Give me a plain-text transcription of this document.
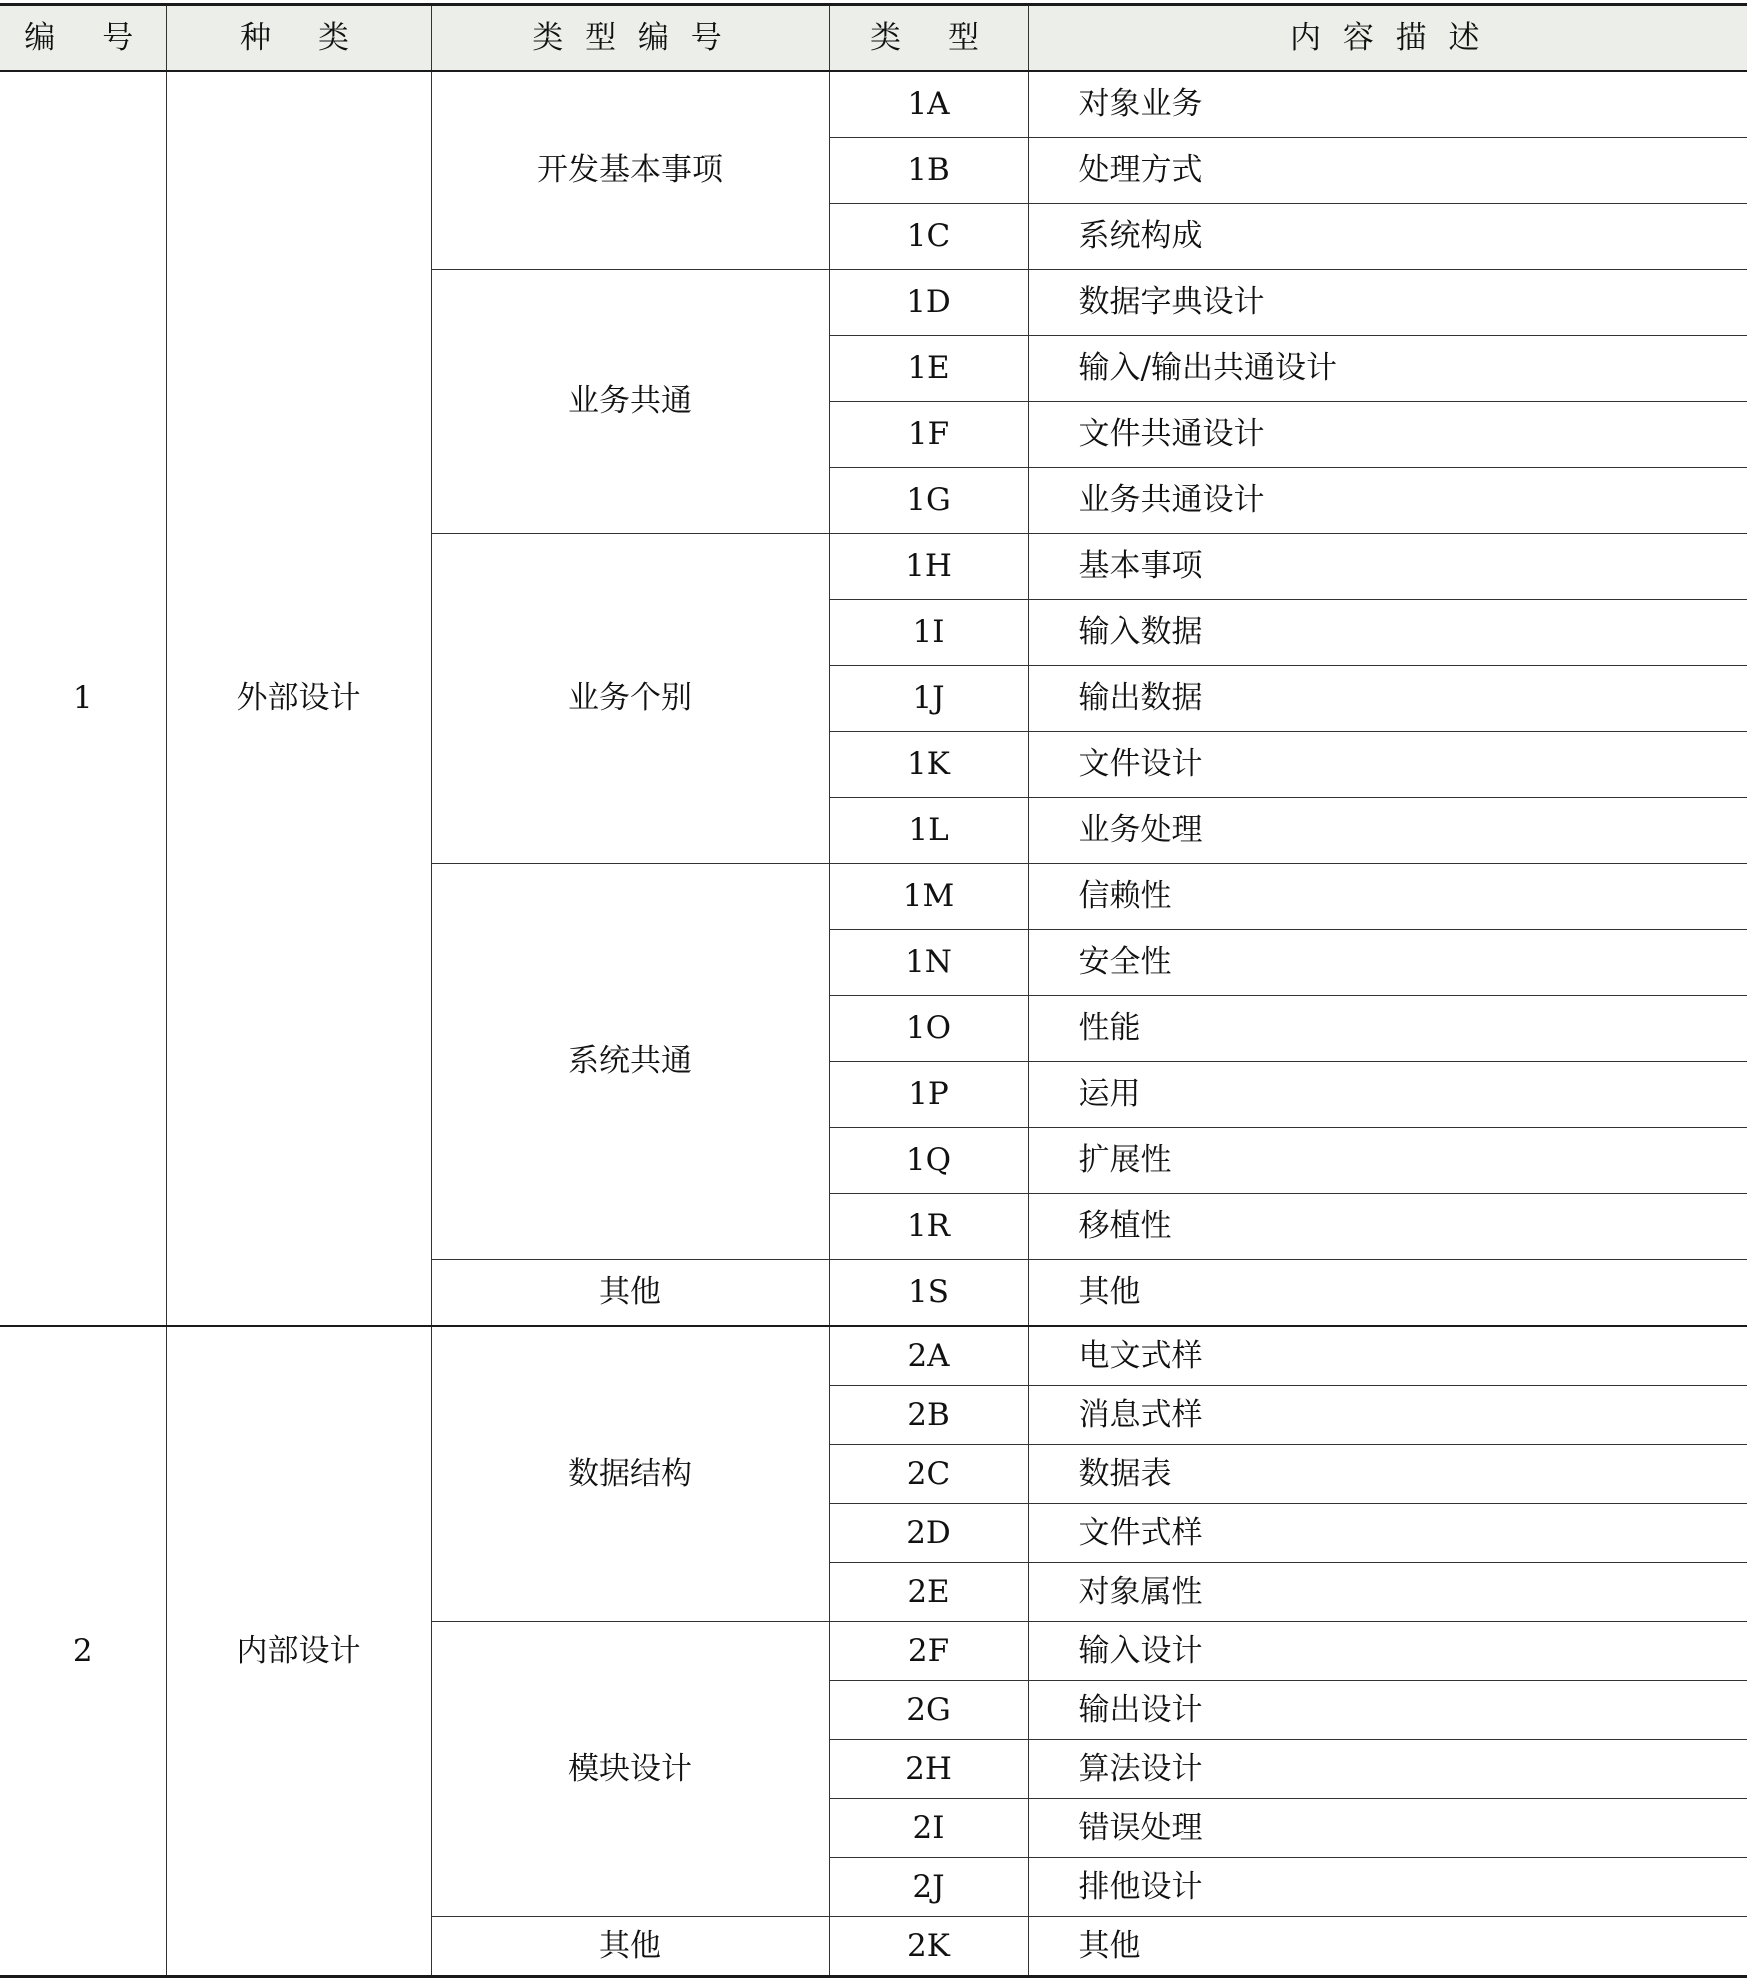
编　号	种　类	类 型 编 号	类　型	内 容 描 述
1	外部设计	开发基本事项	1A	对象业务
			1B	处理方式
			1C	系统构成
		业务共通	1D	数据字典设计
			1E	输入/输出共通设计
			1F	文件共通设计
			1G	业务共通设计
		业务个别	1H	基本事项
			1I	输入数据
			1J	输出数据
			1K	文件设计
			1L	业务处理
		系统共通	1M	信赖性
			1N	安全性
			1O	性能
			1P	运用
			1Q	扩展性
			1R	移植性
		其他	1S	其他
2	内部设计	数据结构	2A	电文式样
			2B	消息式样
			2C	数据表
			2D	文件式样
			2E	对象属性
		模块设计	2F	输入设计
			2G	输出设计
			2H	算法设计
			2I	错误处理
			2J	排他设计
		其他	2K	其他
